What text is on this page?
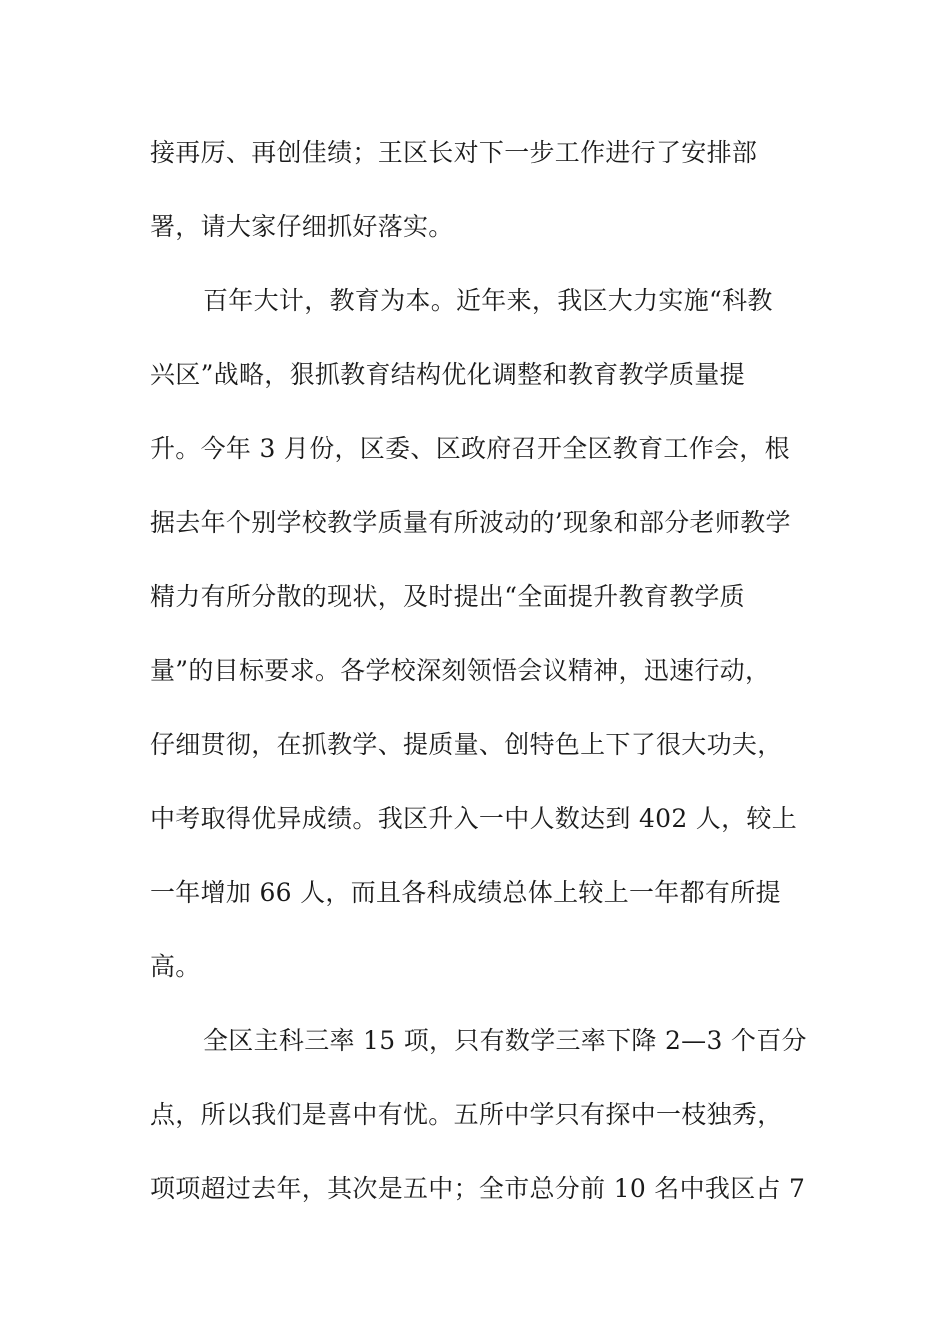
接再厉、再创佳绩；王区长对下一步工作进行了安排部
署，请大家仔细抓好落实。
百年大计，教育为本。近年来，我区大力实施“科教
兴区”战略，狠抓教育结构优化调整和教育教学质量提
升。今年 3 月份，区委、区政府召开全区教育工作会，根
据去年个别学校教学质量有所波动的’现象和部分老师教学
精力有所分散的现状，及时提出“全面提升教育教学质
量”的目标要求。各学校深刻领悟会议精神，迅速行动，
仔细贯彻，在抓教学、提质量、创特色上下了很大功夫，
中考取得优异成绩。我区升入一中人数达到 402 人，较上
一年增加 66 人，而且各科成绩总体上较上一年都有所提
高。
全区主科三率 15 项，只有数学三率下降 2—3 个百分
点，所以我们是喜中有忧。五所中学只有探中一枝独秀，
项项超过去年，其次是五中；全市总分前 10 名中我区占 7
